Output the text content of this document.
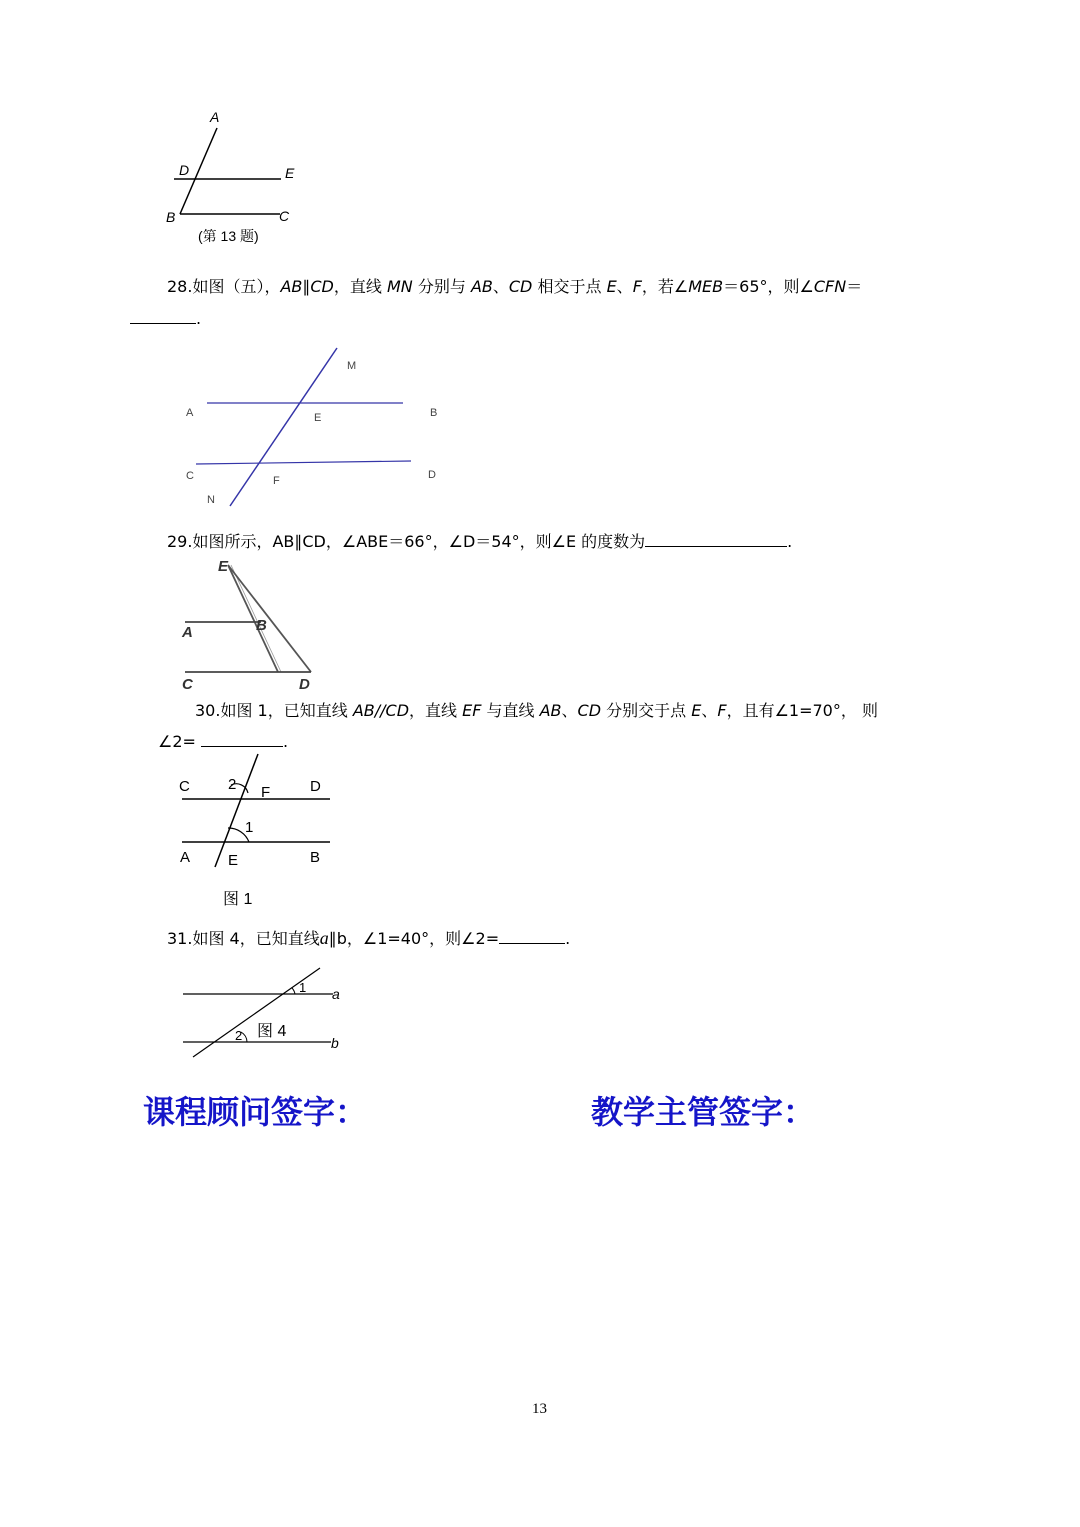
A
D	E
B	C
(第 13 题)
28.如图（五），AB∥CD，直线 MN 分别与 AB、CD 相交于点 E、F，若∠MEB＝65°，则∠CFN＝
.
M
A	E	B
C	F	D
N
29.如图所示，AB∥CD，∠ABE＝66°，∠D＝54°，则∠E 的度数为	.
E
A	B
C	D
30.如图 1，已知直线 AB//CD，直线 EF 与直线 AB、CD 分别交于点 E、F，且有∠1=70°， 则
∠2=	.
C	2 F	D
1
A	E	B
图 1
31.如图 4，已知直线a∥b，∠1=40°，则∠2=	.
1 a
2	b
图 4
课程顾问签字：	教学主管签字：
13
